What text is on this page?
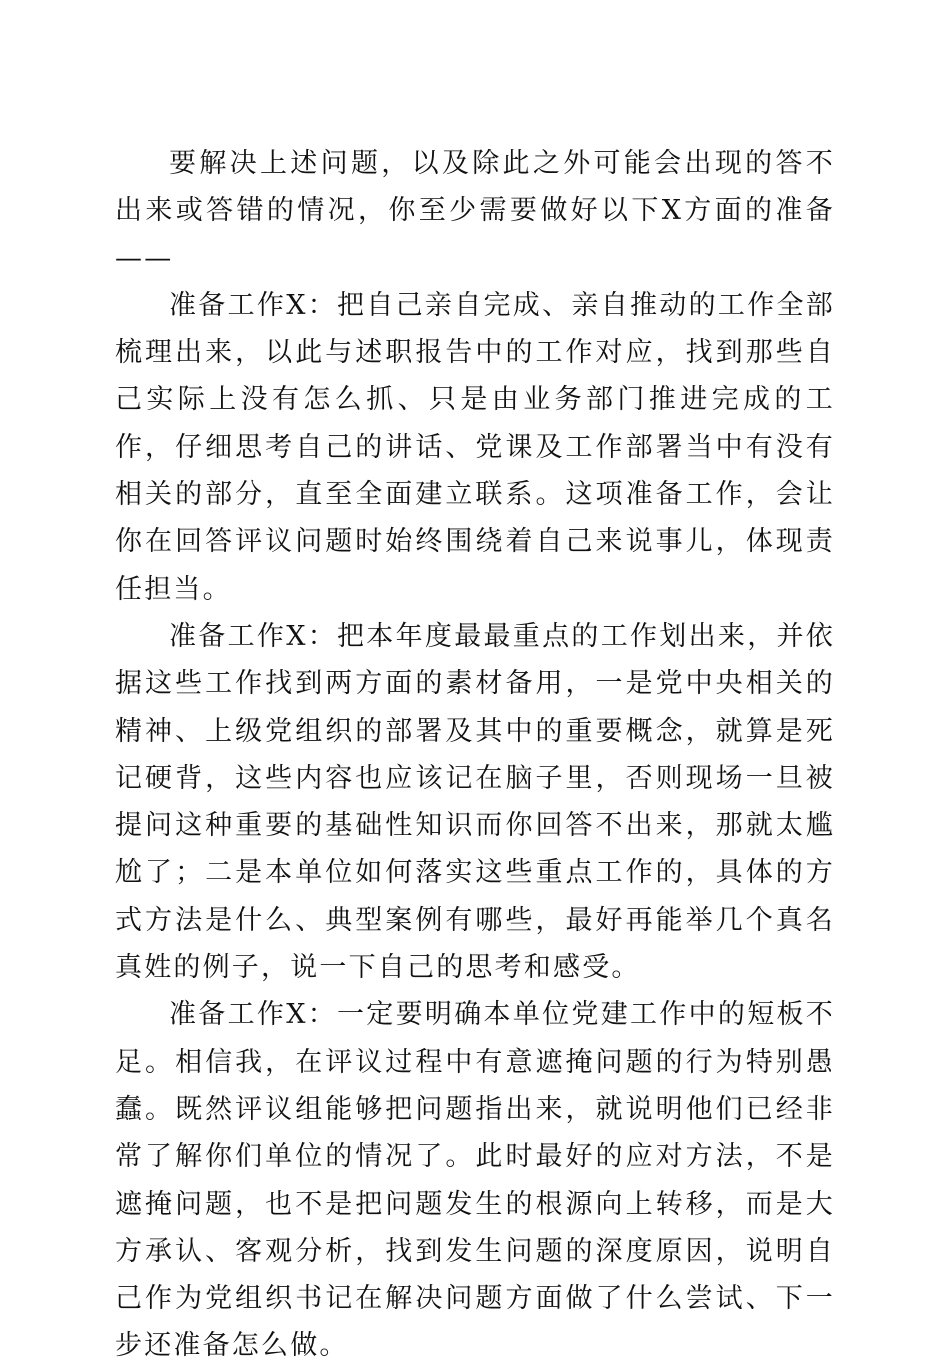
要解决上述问题，以及除此之外可能会出现的答不出来或答错的情况，你至少需要做好以下X方面的准备——

准备工作X：把自己亲自完成、亲自推动的工作全部梳理出来，以此与述职报告中的工作对应，找到那些自己实际上没有怎么抓、只是由业务部门推进完成的工作，仔细思考自己的讲话、党课及工作部署当中有没有相关的部分，直至全面建立联系。这项准备工作，会让你在回答评议问题时始终围绕着自己来说事儿，体现责任担当。

准备工作X：把本年度最最重点的工作划出来，并依据这些工作找到两方面的素材备用，一是党中央相关的精神、上级党组织的部署及其中的重要概念，就算是死记硬背，这些内容也应该记在脑子里，否则现场一旦被提问这种重要的基础性知识而你回答不出来，那就太尴尬了；二是本单位如何落实这些重点工作的，具体的方式方法是什么、典型案例有哪些，最好再能举几个真名真姓的例子，说一下自己的思考和感受。

准备工作X：一定要明确本单位党建工作中的短板不足。相信我，在评议过程中有意遮掩问题的行为特别愚蠢。既然评议组能够把问题指出来，就说明他们已经非常了解你们单位的情况了。此时最好的应对方法，不是遮掩问题，也不是把问题发生的根源向上转移，而是大方承认、客观分析，找到发生问题的深度原因，说明自己作为党组织书记在解决问题方面做了什么尝试、下一步还准备怎么做。
